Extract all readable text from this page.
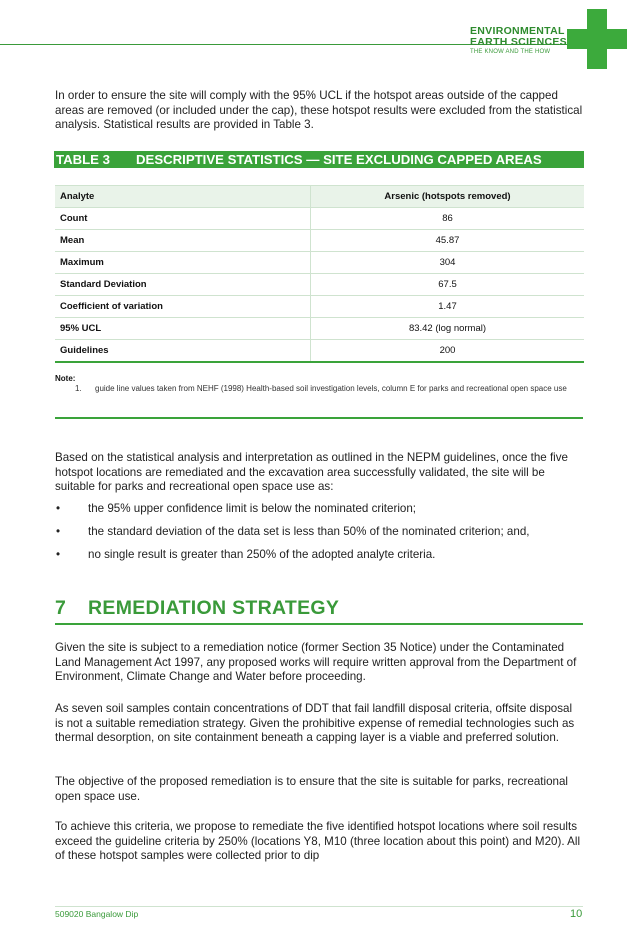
ENVIRONMENTAL
EARTH SCIENCES
THE KNOW AND THE HOW
In order to ensure the site will comply with the 95% UCL if the hotspot areas outside of the capped areas are removed (or included under the cap), these hotspot results were excluded from the statistical analysis. Statistical results are provided in Table 3.
TABLE 3 DESCRIPTIVE STATISTICS — SITE EXCLUDING CAPPED AREAS
Analyte	Arsenic (hotspots removed)
Count	86
Mean	45.87
Maximum	304
Standard Deviation	67.5
Coefficient of variation	1.47
95% UCL	83.42 (log normal)
Guidelines	200
Note:
1. guide line values taken from NEHF (1998) Health-based soil investigation levels, column E for parks and recreational open space use
Based on the statistical analysis and interpretation as outlined in the NEPM guidelines, once the five hotspot locations are remediated and the excavation area successfully validated, the site will be suitable for parks and recreational open space use as:
• the 95% upper confidence limit is below the nominated criterion;
• the standard deviation of the data set is less than 50% of the nominated criterion; and,
• no single result is greater than 250% of the adopted analyte criteria.
7 REMEDIATION STRATEGY
Given the site is subject to a remediation notice (former Section 35 Notice) under the Contaminated Land Management Act 1997, any proposed works will require written approval from the Department of Environment, Climate Change and Water before proceeding.
As seven soil samples contain concentrations of DDT that fail landfill disposal criteria, offsite disposal is not a suitable remediation strategy. Given the prohibitive expense of remedial technologies such as thermal desorption, on site containment beneath a capping layer is a viable and preferred solution.
The objective of the proposed remediation is to ensure that the site is suitable for parks, recreational open space use.
To achieve this criteria, we propose to remediate the five identified hotspot locations where soil results exceed the guideline criteria by 250% (locations Y8, M10 (three location about this point) and M20). All of these hotspot samples were collected prior to dip
509020 Bangalow Dip	10
